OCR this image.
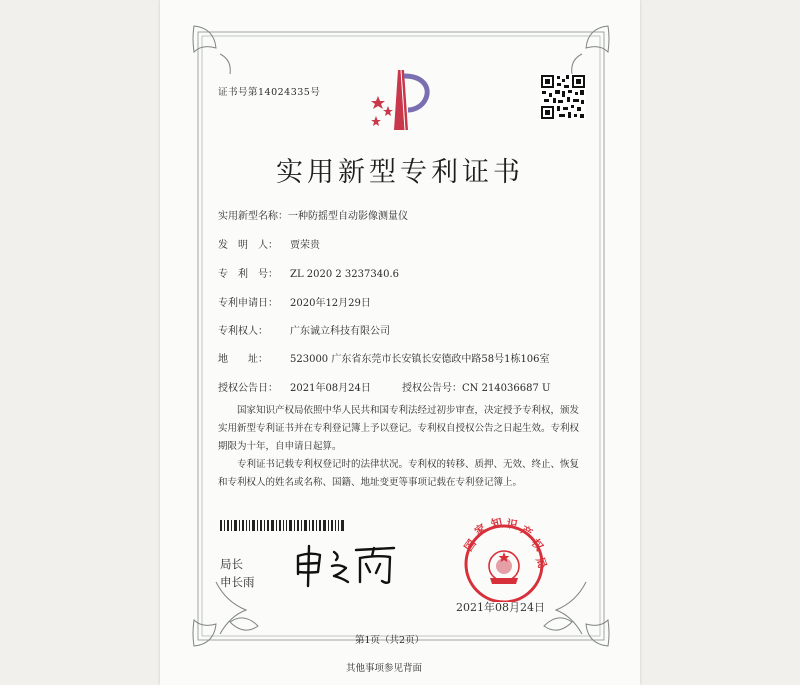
证书号第14024335号
实用新型专利证书
实用新型名称：一种防摇型自动影像测量仪
发　明　人： 贾荣贵
专　利　号： ZL 2020 2 3237340.6
专利申请日： 2020年12月29日
专利权人： 广东诚立科技有限公司
地　　址： 523000 广东省东莞市长安镇长安德政中路58号1栋106室
授权公告日： 2021年08月24日	授权公告号：CN 214036687 U
国家知识产权局依照中华人民共和国专利法经过初步审查，决定授予专利权，颁发实用新型专利证书并在专利登记簿上予以登记。专利权自授权公告之日起生效。专利权期限为十年，自申请日起算。
专利证书记载专利权登记时的法律状况。专利权的转移、质押、无效、终止、恢复和专利权人的姓名或名称、国籍、地址变更等事项记载在专利登记簿上。
局长
申长雨
国
家 知 识 产
权
局
2021年08月24日
第1页（共2页）
其他事项参见背面
